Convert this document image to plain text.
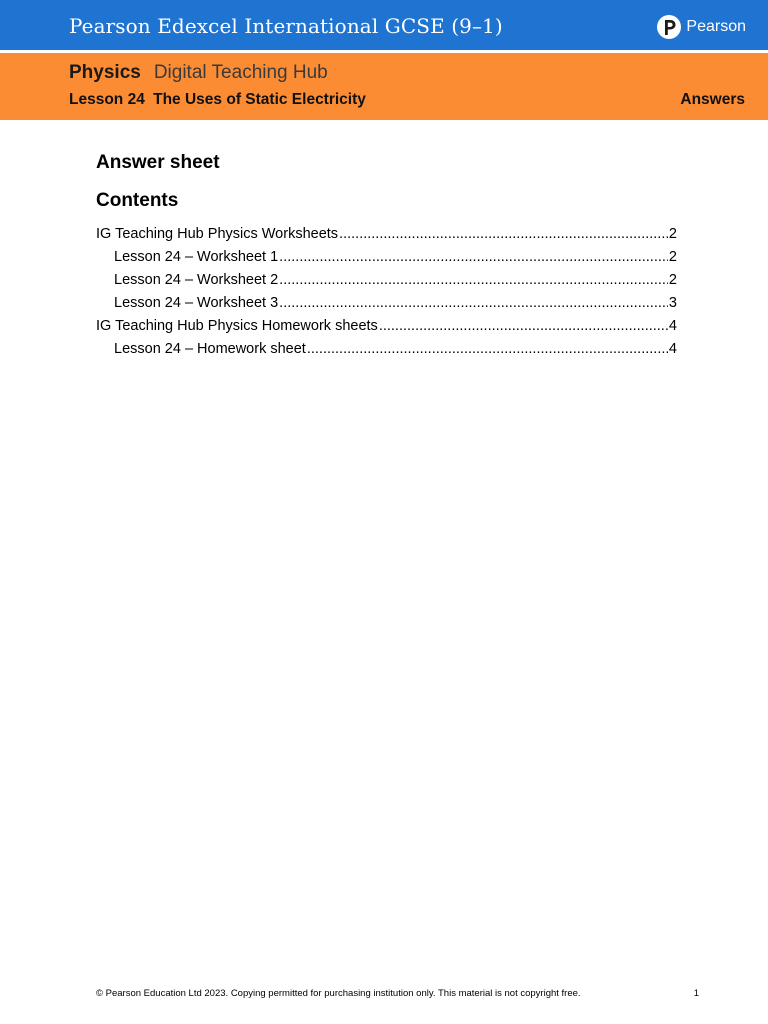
Pearson Edexcel International GCSE (9–1)	Pearson
Physics Digital Teaching Hub
Lesson 24 The Uses of Static Electricity	Answers
Answer sheet
Contents
IG Teaching Hub Physics Worksheets .....	2
Lesson 24 – Worksheet 1 .....	2
Lesson 24 – Worksheet 2 .....	2
Lesson 24 – Worksheet 3 .....	3
IG Teaching Hub Physics Homework sheets .....	4
Lesson 24 – Homework sheet .....	4
© Pearson Education Ltd 2023. Copying permitted for purchasing institution only. This material is not copyright free.	1
